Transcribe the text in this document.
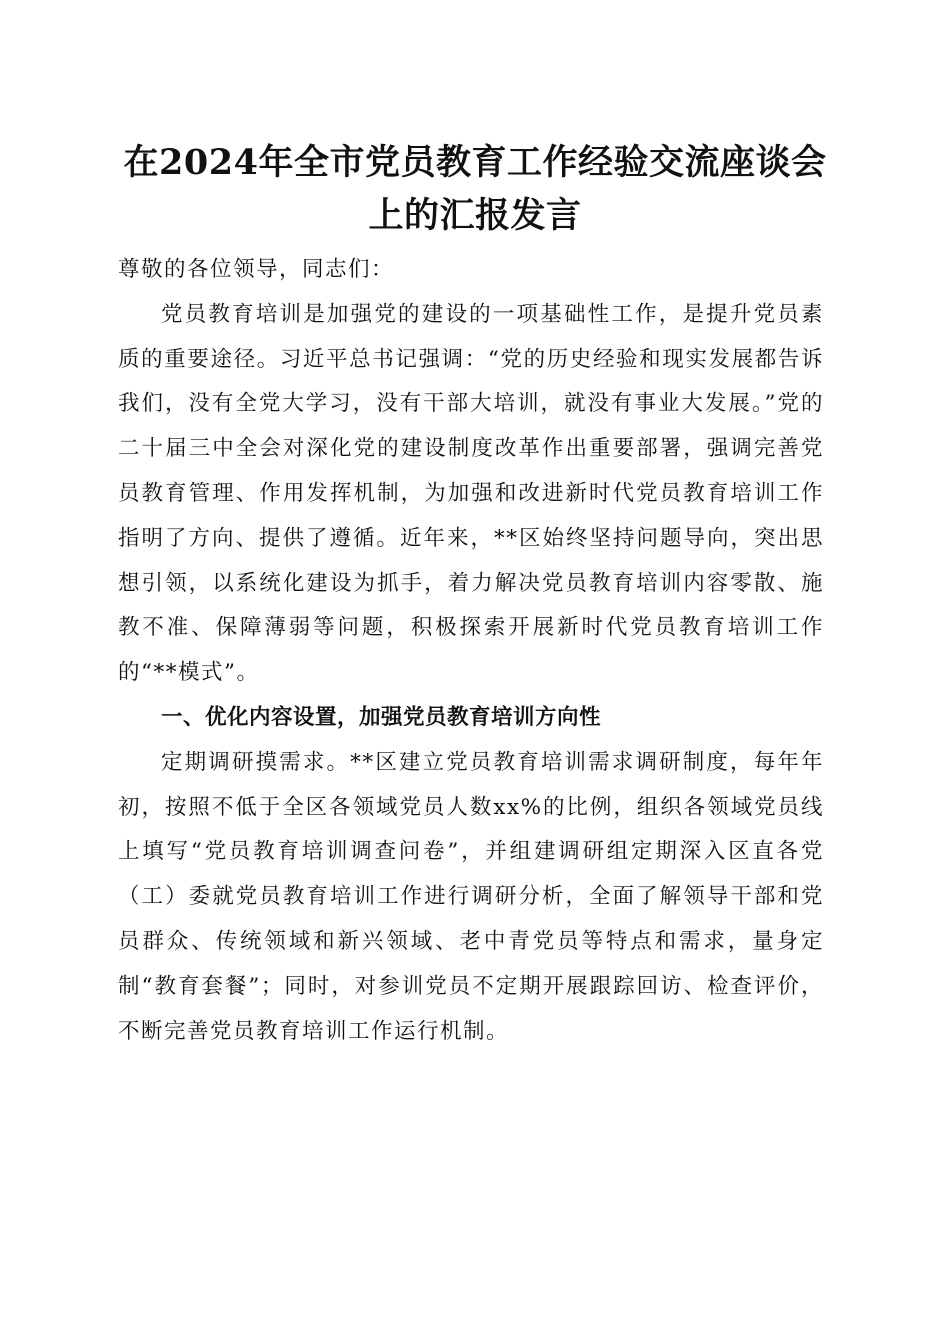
在2024年全市党员教育工作经验交流座谈会
上的汇报发言

尊敬的各位领导，同志们：

党员教育培训是加强党的建设的一项基础性工作，是提升党员素质的重要途径。习近平总书记强调：“党的历史经验和现实发展都告诉我们，没有全党大学习，没有干部大培训，就没有事业大发展。”党的二十届三中全会对深化党的建设制度改革作出重要部署，强调完善党员教育管理、作用发挥机制，为加强和改进新时代党员教育培训工作指明了方向、提供了遵循。近年来，**区始终坚持问题导向，突出思想引领，以系统化建设为抓手，着力解决党员教育培训内容零散、施教不准、保障薄弱等问题，积极探索开展新时代党员教育培训工作的“**模式”。

一、优化内容设置，加强党员教育培训方向性

定期调研摸需求。**区建立党员教育培训需求调研制度，每年年初，按照不低于全区各领域党员人数xx%的比例，组织各领域党员线上填写“党员教育培训调查问卷”，并组建调研组定期深入区直各党（工）委就党员教育培训工作进行调研分析，全面了解领导干部和党员群众、传统领域和新兴领域、老中青党员等特点和需求，量身定制“教育套餐”；同时，对参训党员不定期开展跟踪回访、检查评价，不断完善党员教育培训工作运行机制。
